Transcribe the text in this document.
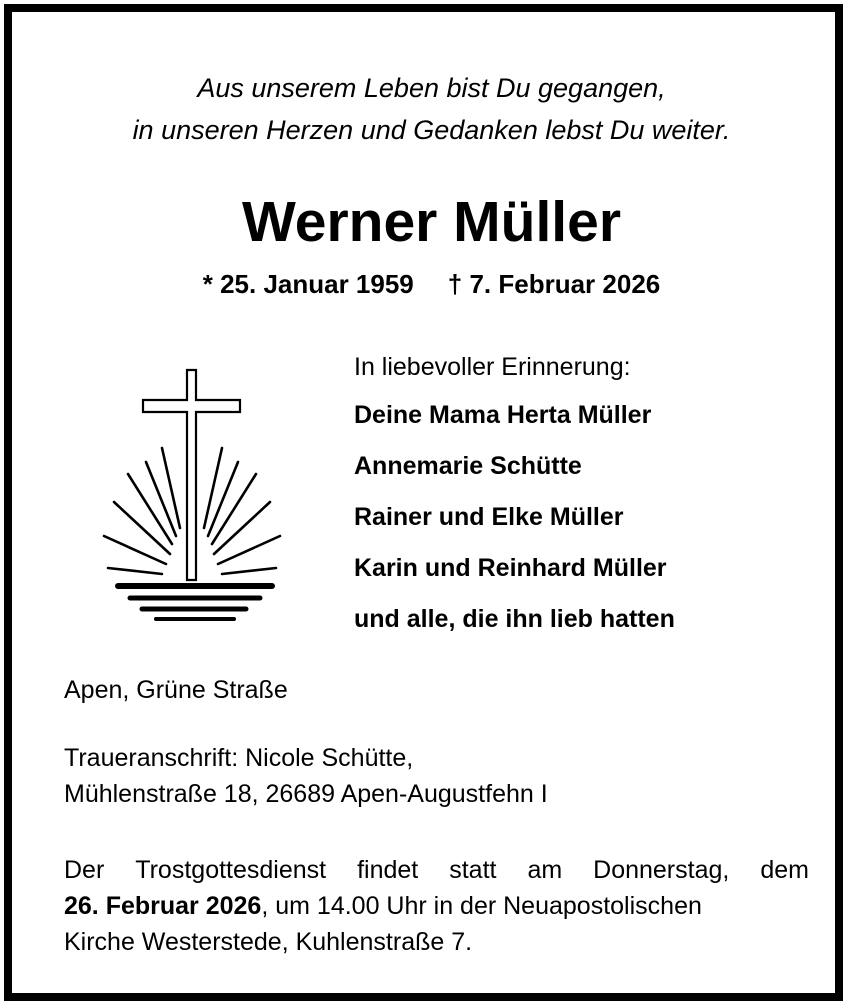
Aus unserem Leben bist Du gegangen,
in unseren Herzen und Gedanken lebst Du weiter.
Werner Müller
* 25. Januar 1959 † 7. Februar 2026
In liebevoller Erinnerung:
Deine Mama Herta Müller
Annemarie Schütte
Rainer und Elke Müller
Karin und Reinhard Müller
und alle, die ihn lieb hatten
Apen, Grüne Straße
Traueranschrift: Nicole Schütte,
Mühlenstraße 18, 26689 Apen-Augustfehn I
Der Trostgottesdienst findet statt am Donnerstag, dem
26. Februar 2026, um 14.00 Uhr in der Neuapostolischen
Kirche Westerstede, Kuhlenstraße 7.
